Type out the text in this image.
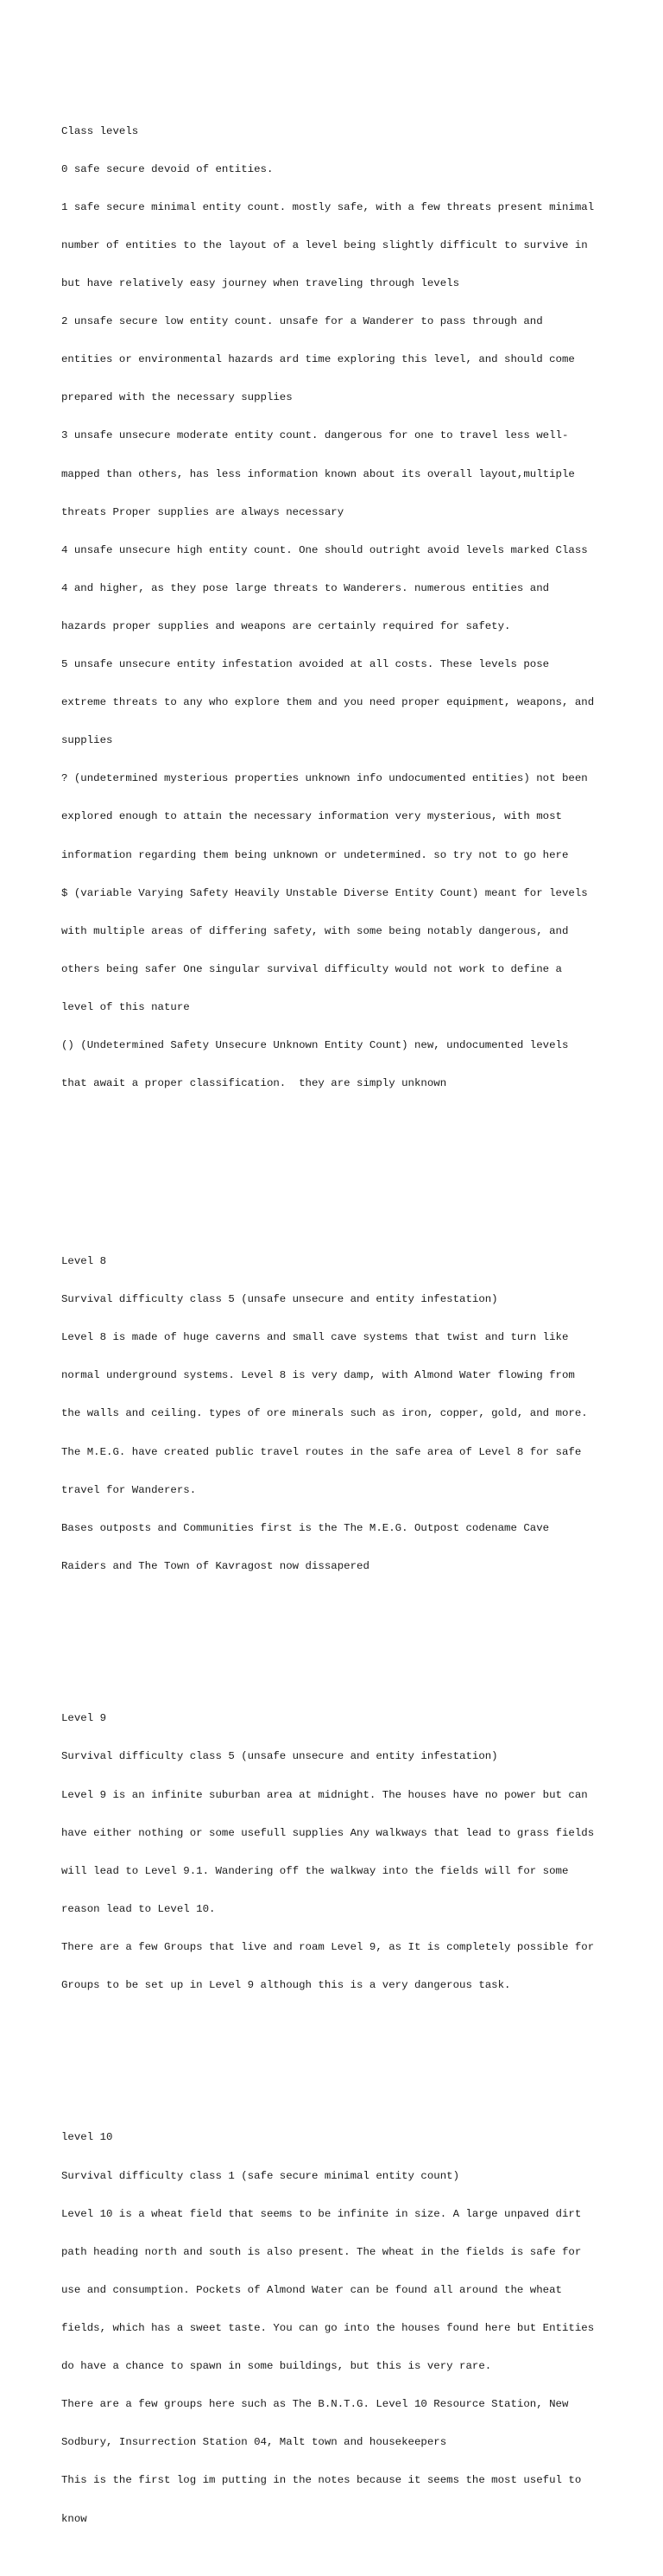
Class levels

0 safe secure devoid of entities.

1 safe secure minimal entity count. mostly safe, with a few threats present minimal

number of entities to the layout of a level being slightly difficult to survive in

but have relatively easy journey when traveling through levels

2 unsafe secure low entity count. unsafe for a Wanderer to pass through and

entities or environmental hazards ard time exploring this level, and should come

prepared with the necessary supplies

3 unsafe unsecure moderate entity count. dangerous for one to travel less well-

mapped than others, has less information known about its overall layout,multiple

threats Proper supplies are always necessary

4 unsafe unsecure high entity count. One should outright avoid levels marked Class

4 and higher, as they pose large threats to Wanderers. numerous entities and

hazards proper supplies and weapons are certainly required for safety.

5 unsafe unsecure entity infestation avoided at all costs. These levels pose

extreme threats to any who explore them and you need proper equipment, weapons, and

supplies

? (undetermined mysterious properties unknown info undocumented entities) not been

explored enough to attain the necessary information very mysterious, with most

information regarding them being unknown or undetermined. so try not to go here

$ (variable Varying Safety Heavily Unstable Diverse Entity Count) meant for levels

with multiple areas of differing safety, with some being notably dangerous, and

others being safer One singular survival difficulty would not work to define a

level of this nature

() (Undetermined Safety Unsecure Unknown Entity Count) new, undocumented levels

that await a proper classification.  they are simply unknown

Level 8

Survival difficulty class 5 (unsafe unsecure and entity infestation)

Level 8 is made of huge caverns and small cave systems that twist and turn like

normal underground systems. Level 8 is very damp, with Almond Water flowing from

the walls and ceiling. types of ore minerals such as iron, copper, gold, and more.

The M.E.G. have created public travel routes in the safe area of Level 8 for safe

travel for Wanderers.

Bases outposts and Communities first is the The M.E.G. Outpost codename Cave

Raiders and The Town of Kavragost now dissapered

Level 9

Survival difficulty class 5 (unsafe unsecure and entity infestation)

Level 9 is an infinite suburban area at midnight. The houses have no power but can

have either nothing or some usefull supplies Any walkways that lead to grass fields

will lead to Level 9.1. Wandering off the walkway into the fields will for some

reason lead to Level 10.

There are a few Groups that live and roam Level 9, as It is completely possible for

Groups to be set up in Level 9 although this is a very dangerous task.

level 10

Survival difficulty class 1 (safe secure minimal entity count)

Level 10 is a wheat field that seems to be infinite in size. A large unpaved dirt

path heading north and south is also present. The wheat in the fields is safe for

use and consumption. Pockets of Almond Water can be found all around the wheat

fields, which has a sweet taste. You can go into the houses found here but Entities

do have a chance to spawn in some buildings, but this is very rare.

There are a few groups here such as The B.N.T.G. Level 10 Resource Station, New

Sodbury, Insurrection Station 04, Malt town and housekeepers

This is the first log im putting in the notes because it seems the most useful to

know
